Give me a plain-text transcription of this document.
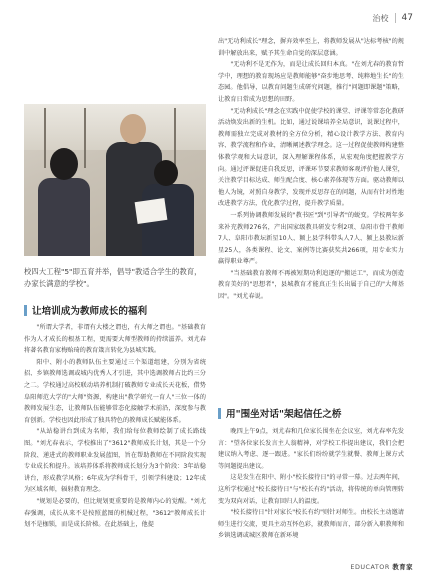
治校 47
校四大工程"5"即五育并举，倡导"教适合学生的教育，办家长满意的学校"。
让培训成为教师成长的福利

"所谓大学者，非谓有大楼之谓也，有大师之谓也。"基础教育作为人才成长的根基工程，更需要大师型教师的持续滋养。刘尤春将著名教育家梅贻琦的教育箴言转化为县城实践。

阳中、附小的教师队伍主要通过三个渠道组建，分别为省统招、乡镇教师选调或城内优秀人才引进，其中选调教师占比约三分之二。学校通过高校联动培养机制打破教师专业成长天花板，借势阜阳师范大学的"大师"资源，构建出"教学研究一育人"三位一体的教师发展生态，让教师队伍能够常态化接触学术前沿，深度参与教育创新。学校也因此形成了独具特色的教师成长赋能体系。

"从站稳讲台到成为名师，我们给每位教师绘制了成长路线图。"刘尤春表示，学校推出了"3612"教师成长计划，其是一个分阶段、递进式的教师职业发展蓝图，旨在帮助教师在不同阶段实现专业成长和提升。该培养体系将教师成长划分为3个阶段：3年站稳讲台，形成教学风格；6年成为学科骨干，引领学科建设；12年成为区域名师，辐射教育理念。

"规划是必要的，但比规划更重要的是教师内心的觉醒。"刘尤春强调，成长从来不是按照蓝图的机械过程，"3612"教师成长计划不是枷锁，而是成长阶梯。在此基础上，他提

出"无功利成长"理念，摒弃效率至上，将教师发展从"达标考核"的规训中解放出来，赋予其生命自觉的深层意涵。

"无功利不是无作为，而是让成长回归本真。"在刘尤春的教育哲学中，理想的教育现场应是教师能够"奋步地思考、纯粹地生长"的生态园。他倡导，以教育问题生成研究问题，推行"问题即课题"策略，让教育日常成为思想的田野。

"无功利成长"理念在实践中促使学校的课堂、评课等常态化教研活动焕发出新的生机。比如，通过说课培养全局意识，说课过程中，教师需独立完成对教材的全方位分析，精心设计教学方法、教育内容、教学流程和作业，清晰阐述教学理念。这一过程促使教师构建整体教学观和大局意识，深入理解课程体系，从宏观角度把握教学方向。通过评课促进自我反思，评课环节要求教师客观评价他人课堂，关注教学目标达成、师生配合度、核心素养体现等方面。驱动教师以他人为镜，对照自身教学，发现并反思存在的问题，从而有针对性地改进教学方法，优化教学过程，提升教学质量。

一系列协调教师发展的"教书匠"到"引导者"的蜕变。学校两年多来补充教师276名，产出国家级教具研发专利2项、阜阳市骨干教师7人、阜阳市教坛新星10人、颍上县学科带头人7人、颍上县教坛新星25人，各类课程、论文、案例等比赛获奖共266项，用专业实力赢得职业尊严。

"当基础教育教师不再被短期功利追逐的"搬运工"，而成为创造教育美好的"思想者"，县城教育才能真正生长出属于自己的"大师基因"。"刘尤春说。

用"围坐对话"架起信任之桥

晚四上午9点，刘尤春和几位家长围坐在会议室，刘尤春率先发言："望各位家长发言主人翁精神，对学校工作提出建议，我们会把建议纳入考虑、逐一跟进。"家长们纷纷就学生就餐、教师上课方式等问题提出建议。

这是发生在阳中、附小"校长接待日"的寻常一幕。过去两年间，这所学校通过"校长接待日"与"校长有约"活动，将传统的单向管理转变为双向对话，让教育回归人的温度。

"校长接待日"针对家长"校长有约"则针对师生。由校长主动邀请师生进行交流，更具主动互怀色彩，就教师而言，部分新入职教师和乡镇选调或城区教师在新环境

EDUCATOR 教育家
